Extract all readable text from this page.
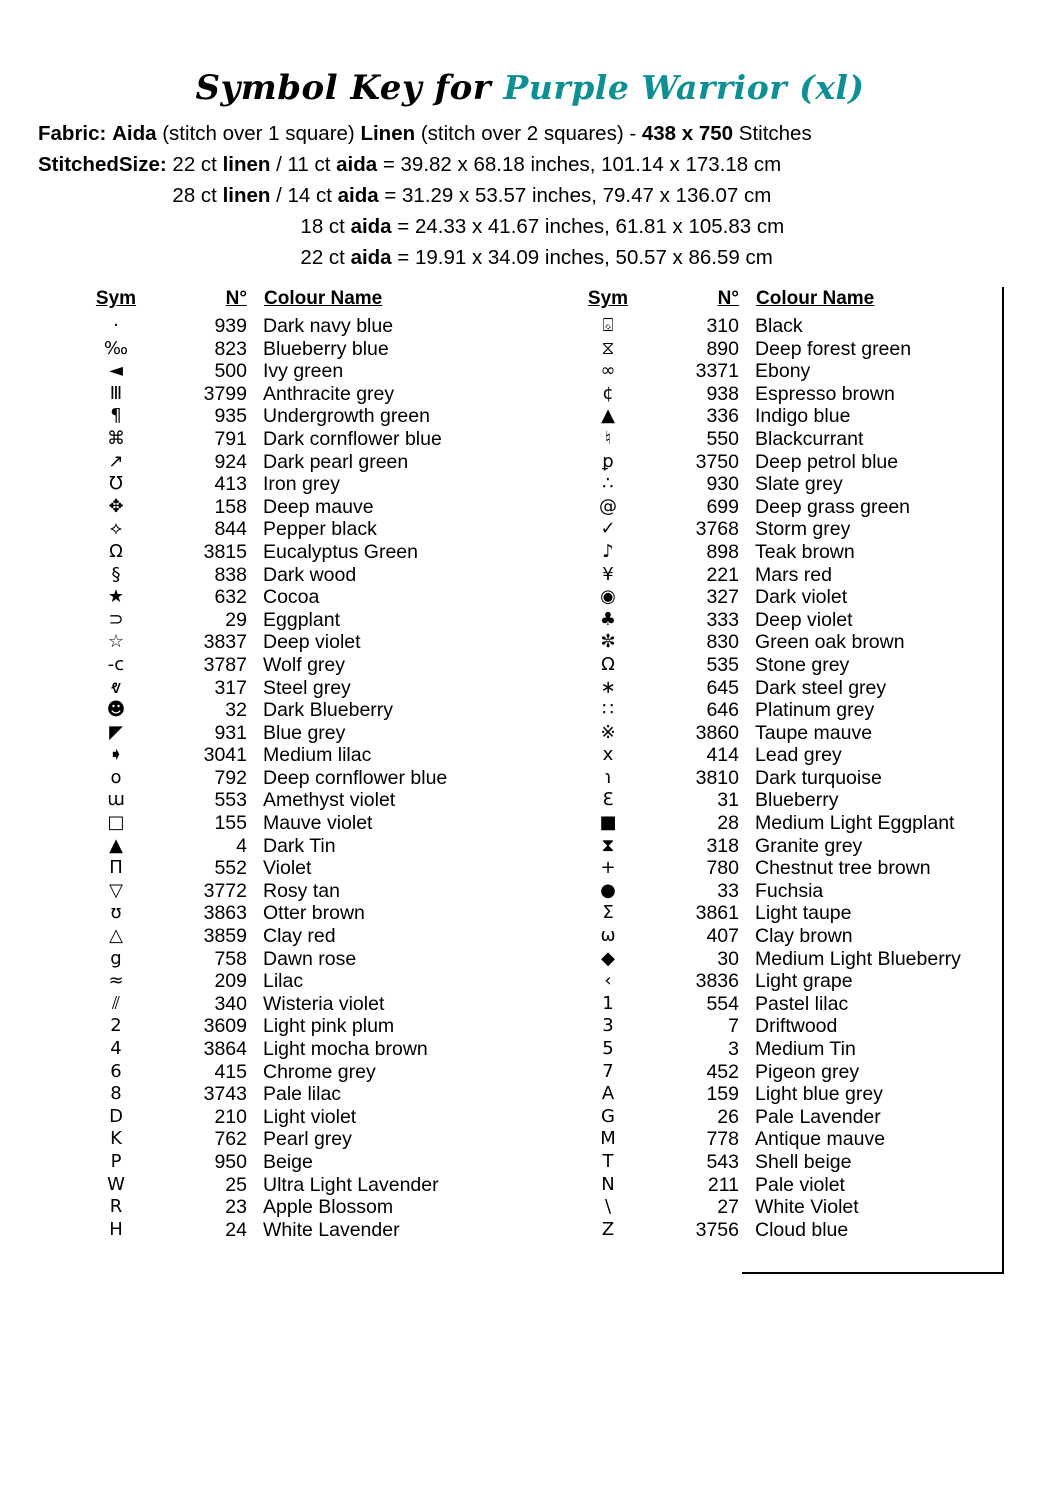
Symbol Key for Purple Warrior (xl)
Fabric: Aida (stitch over 1 square) Linen (stitch over 2 squares) - 438 x 750 Stitches
StitchedSize: 22 ct linen / 11 ct aida = 39.82 x 68.18 inches, 101.14 x 173.18 cm
28 ct linen / 14 ct aida = 31.29 x 53.57 inches, 79.47 x 136.07 cm
18 ct aida = 24.33 x 41.67 inches, 61.81 x 105.83 cm
22 ct aida = 19.91 x 34.09 inches, 50.57 x 86.59 cm
Sym	N°	Colour Name
·	939	Dark navy blue
‰	823	Blueberry blue
◄	500	Ivy green
Ⅲ	3799	Anthracite grey
¶	935	Undergrowth green
⌘	791	Dark cornflower blue
↗	924	Dark pearl green
℧	413	Iron grey
✥	158	Deep mauve
⟡	844	Pepper black
Ω	3815	Eucalyptus Green
§	838	Dark wood
★	632	Cocoa
⊃	29	Eggplant
☆	3837	Deep violet
-c	3787	Wolf grey
ⱴ	317	Steel grey
☻	32	Dark Blueberry
◤	931	Blue grey
➧	3041	Medium lilac
o	792	Deep cornflower blue
ɯ	553	Amethyst violet
□	155	Mauve violet
▲	4	Dark Tin
Π	552	Violet
▽	3772	Rosy tan
ʊ	3863	Otter brown
△	3859	Clay red
g	758	Dawn rose
≈	209	Lilac
⫽	340	Wisteria violet
2	3609	Light pink plum
4	3864	Light mocha brown
6	415	Chrome grey
8	3743	Pale lilac
D	210	Light violet
K	762	Pearl grey
P	950	Beige
W	25	Ultra Light Lavender
R	23	Apple Blossom
H	24	White Lavender
Sym	N°	Colour Name
⌺	310	Black
⧖	890	Deep forest green
∞	3371	Ebony
¢	938	Espresso brown
▲	336	Indigo blue
♮	550	Blackcurrant
ꝑ	3750	Deep petrol blue
∴	930	Slate grey
@	699	Deep grass green
✓	3768	Storm grey
♪	898	Teak brown
¥	221	Mars red
◉	327	Dark violet
♣	333	Deep violet
✼	830	Green oak brown
Ω	535	Stone grey
∗	645	Dark steel grey
∷	646	Platinum grey
※	3860	Taupe mauve
x	414	Lead grey
℩	3810	Dark turquoise
Ɛ	31	Blueberry
■	28	Medium Light Eggplant
⧗	318	Granite grey
+	780	Chestnut tree brown
●	33	Fuchsia
Σ	3861	Light taupe
ω	407	Clay brown
◆	30	Medium Light Blueberry
‹	3836	Light grape
1	554	Pastel lilac
3	7	Driftwood
5	3	Medium Tin
7	452	Pigeon grey
A	159	Light blue grey
G	26	Pale Lavender
M	778	Antique mauve
T	543	Shell beige
N	211	Pale violet
\	27	White Violet
Z	3756	Cloud blue
